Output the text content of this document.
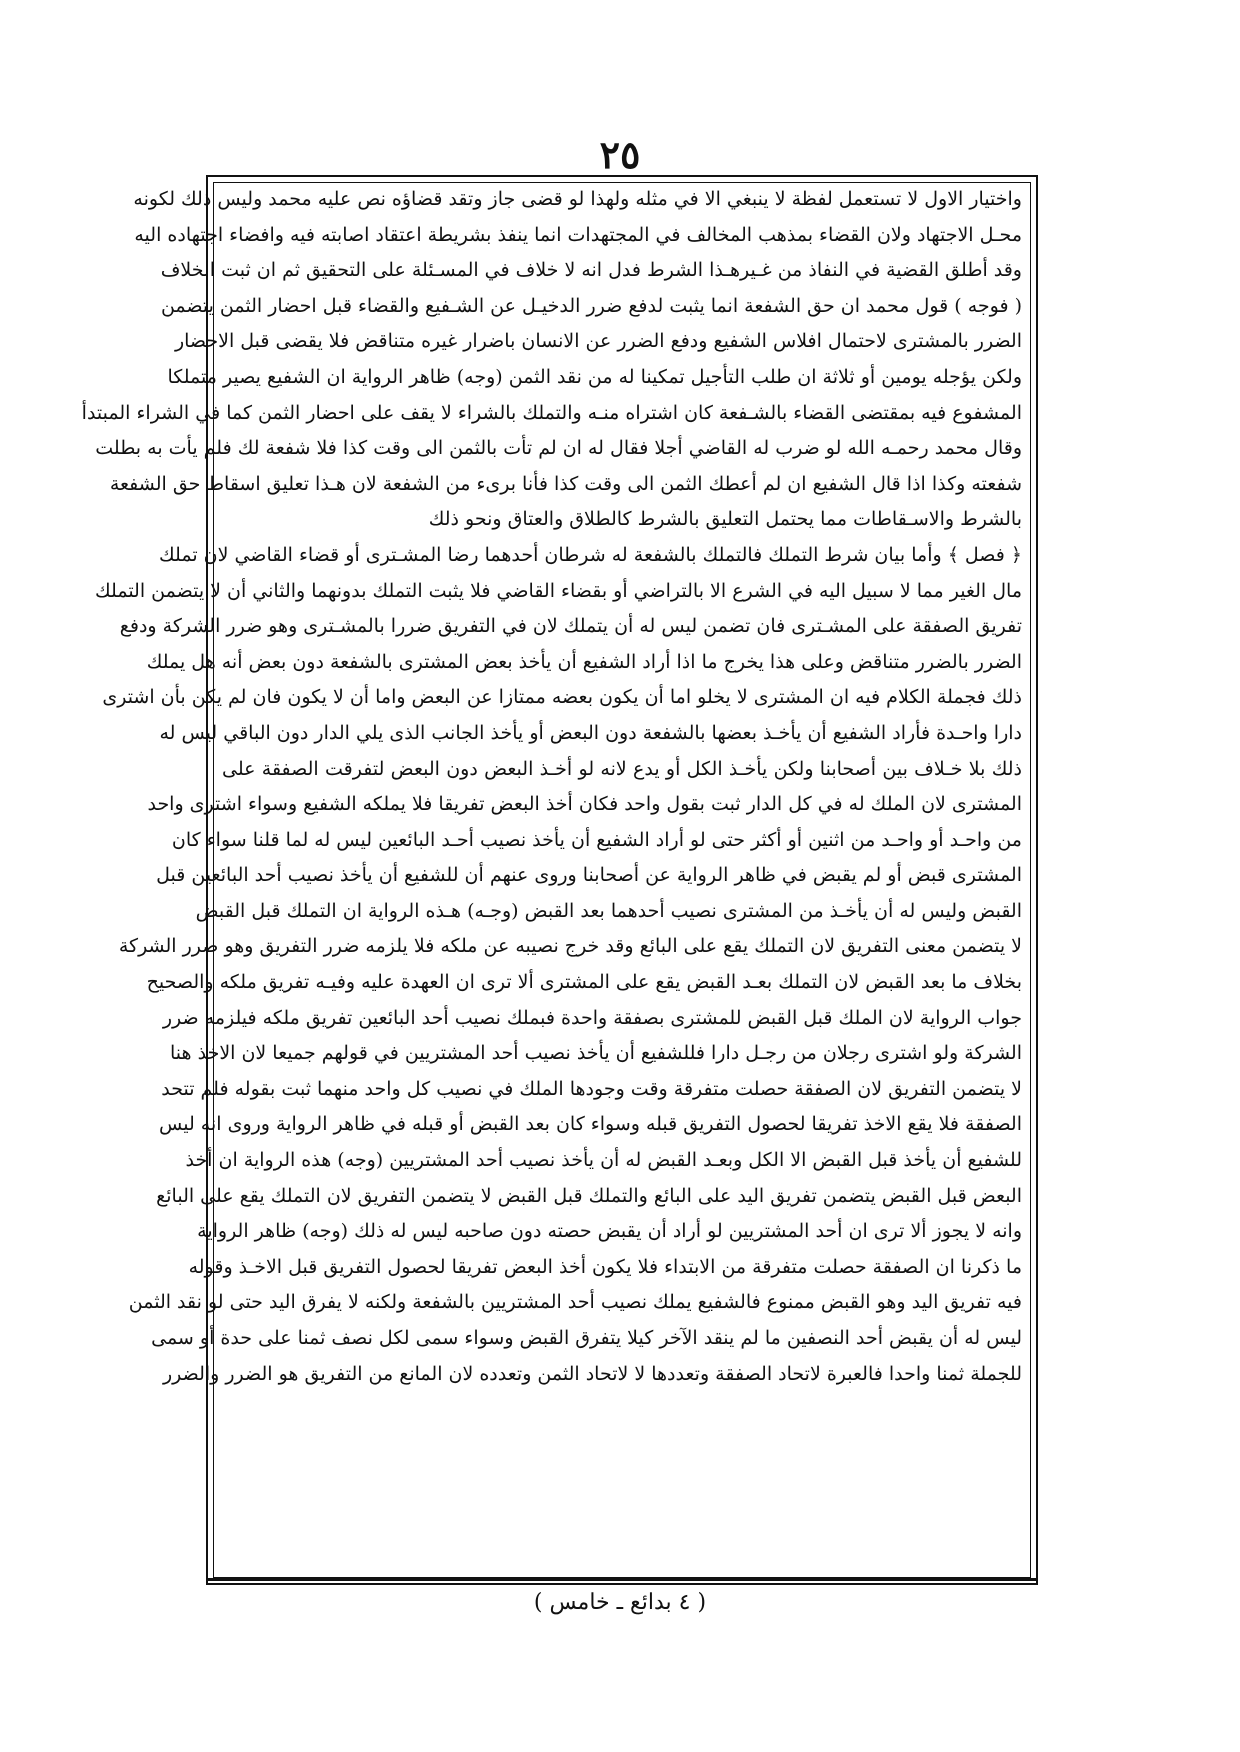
٢٥
واختيار الاول لا تستعمل لفظة لا ينبغي الا في مثله ولهذا لو قضى جاز وتقد قضاؤه نص عليه محمد وليس ذلك لكونه
محـل الاجتهاد ولان القضاء بمذهب المخالف في المجتهدات انما ينفذ بشريطة اعتقاد اصابته فيه وافضاء اجتهاده اليه
وقد أطلق القضية في النفاذ من غـيرهـذا الشرط فدل انه لا خلاف في المسـئلة على التحقيق ثم ان ثبت الخلاف
( فوجه ) قول محمد ان حق الشفعة انما يثبت لدفع ضرر الدخيـل عن الشـفيع والقضاء قبل احضار الثمن يتضمن
الضرر بالمشترى لاحتمال افلاس الشفيع ودفع الضرر عن الانسان باضرار غيره متناقض فلا يقضى قبل الاحضار
ولكن يؤجله يومين أو ثلاثة ان طلب التأجيل تمكينا له من نقد الثمن (وجه) ظاهر الرواية ان الشفيع يصير متملكا
المشفوع فيه بمقتضى القضاء بالشـفعة كان اشتراه منـه والتملك بالشراء لا يقف على احضار الثمن كما في الشراء المبتدأ
وقال محمد رحمـه الله لو ضرب له القاضي أجلا فقال له ان لم تأت بالثمن الى وقت كذا فلا شفعة لك فلم يأت به بطلت
شفعته وكذا اذا قال الشفيع ان لم أعطك الثمن الى وقت كذا فأنا برىء من الشفعة لان هـذا تعليق اسقاط حق الشفعة
بالشرط والاسـقاطات مما يحتمل التعليق بالشرط كالطلاق والعتاق ونحو ذلك
﴿ فصل ﴾ وأما بيان شرط التملك فالتملك بالشفعة له شرطان أحدهما رضا المشـترى أو قضاء القاضي لان تملك
مال الغير مما لا سبيل اليه في الشرع الا بالتراضي أو بقضاء القاضي فلا يثبت التملك بدونهما والثاني أن لا يتضمن التملك
تفريق الصفقة على المشـترى فان تضمن ليس له أن يتملك لان في التفريق ضررا بالمشـترى وهو ضرر الشركة ودفع
الضرر بالضرر متناقض وعلى هذا يخرج ما اذا أراد الشفيع أن يأخذ بعض المشترى بالشفعة دون بعض أنه هل يملك
ذلك فجملة الكلام فيه ان المشترى لا يخلو اما أن يكون بعضه ممتازا عن البعض واما أن لا يكون فان لم يكن بأن اشترى
دارا واحـدة فأراد الشفيع أن يأخـذ بعضها بالشفعة دون البعض أو يأخذ الجانب الذى يلي الدار دون الباقي ليس له
ذلك بلا خـلاف بين أصحابنا ولكن يأخـذ الكل أو يدع لانه لو أخـذ البعض دون البعض لتفرقت الصفقة على
المشترى لان الملك له في كل الدار ثبت بقول واحد فكان أخذ البعض تفريقا فلا يملكه الشفيع وسواء اشترى واحد
من واحـد أو واحـد من اثنين أو أكثر حتى لو أراد الشفيع أن يأخذ نصيب أحـد البائعين ليس له لما قلنا سواء كان
المشترى قبض أو لم يقبض في ظاهر الرواية عن أصحابنا وروى عنهم أن للشفيع أن يأخذ نصيب أحد البائعين قبل
القبض وليس له أن يأخـذ من المشترى نصيب أحدهما بعد القبض (وجـه) هـذه الرواية ان التملك قبل القبض
لا يتضمن معنى التفريق لان التملك يقع على البائع وقد خرج نصيبه عن ملكه فلا يلزمه ضرر التفريق وهو ضرر الشركة
بخلاف ما بعد القبض لان التملك بعـد القبض يقع على المشترى ألا ترى ان العهدة عليه وفيـه تفريق ملكه والصحيح
جواب الرواية لان الملك قبل القبض للمشترى بصفقة واحدة فبملك نصيب أحد البائعين تفريق ملكه فيلزمه ضرر
الشركة ولو اشترى رجلان من رجـل دارا فللشفيع أن يأخذ نصيب أحد المشتريين في قولهم جميعا لان الاخذ هنا
لا يتضمن التفريق لان الصفقة حصلت متفرقة وقت وجودها الملك في نصيب كل واحد منهما ثبت بقوله فلم تتحد
الصفقة فلا يقع الاخذ تفريقا لحصول التفريق قبله وسواء كان بعد القبض أو قبله في ظاهر الرواية وروى انه ليس
للشفيع أن يأخذ قبل القبض الا الكل وبعـد القبض له أن يأخذ نصيب أحد المشتريين (وجه) هذه الرواية ان أخذ
البعض قبل القبض يتضمن تفريق اليد على البائع والتملك قبل القبض لا يتضمن التفريق لان التملك يقع على البائع
وانه لا يجوز ألا ترى ان أحد المشتريين لو أراد أن يقبض حصته دون صاحبه ليس له ذلك (وجه) ظاهر الرواية
ما ذكرنا ان الصفقة حصلت متفرقة من الابتداء فلا يكون أخذ البعض تفريقا لحصول التفريق قبل الاخـذ وقوله
فيه تفريق اليد وهو القبض ممنوع فالشفيع يملك نصيب أحد المشتريين بالشفعة ولكنه لا يفرق اليد حتى لو نقد الثمن
ليس له أن يقبض أحد النصفين ما لم ينقد الآخر كيلا يتفرق القبض وسواء سمى لكل نصف ثمنا على حدة أو سمى
للجملة ثمنا واحدا فالعبرة لاتحاد الصفقة وتعددها لا لاتحاد الثمن وتعدده لان المانع من التفريق هو الضرر والضرر
( ٤ بدائع ـ خامس )
